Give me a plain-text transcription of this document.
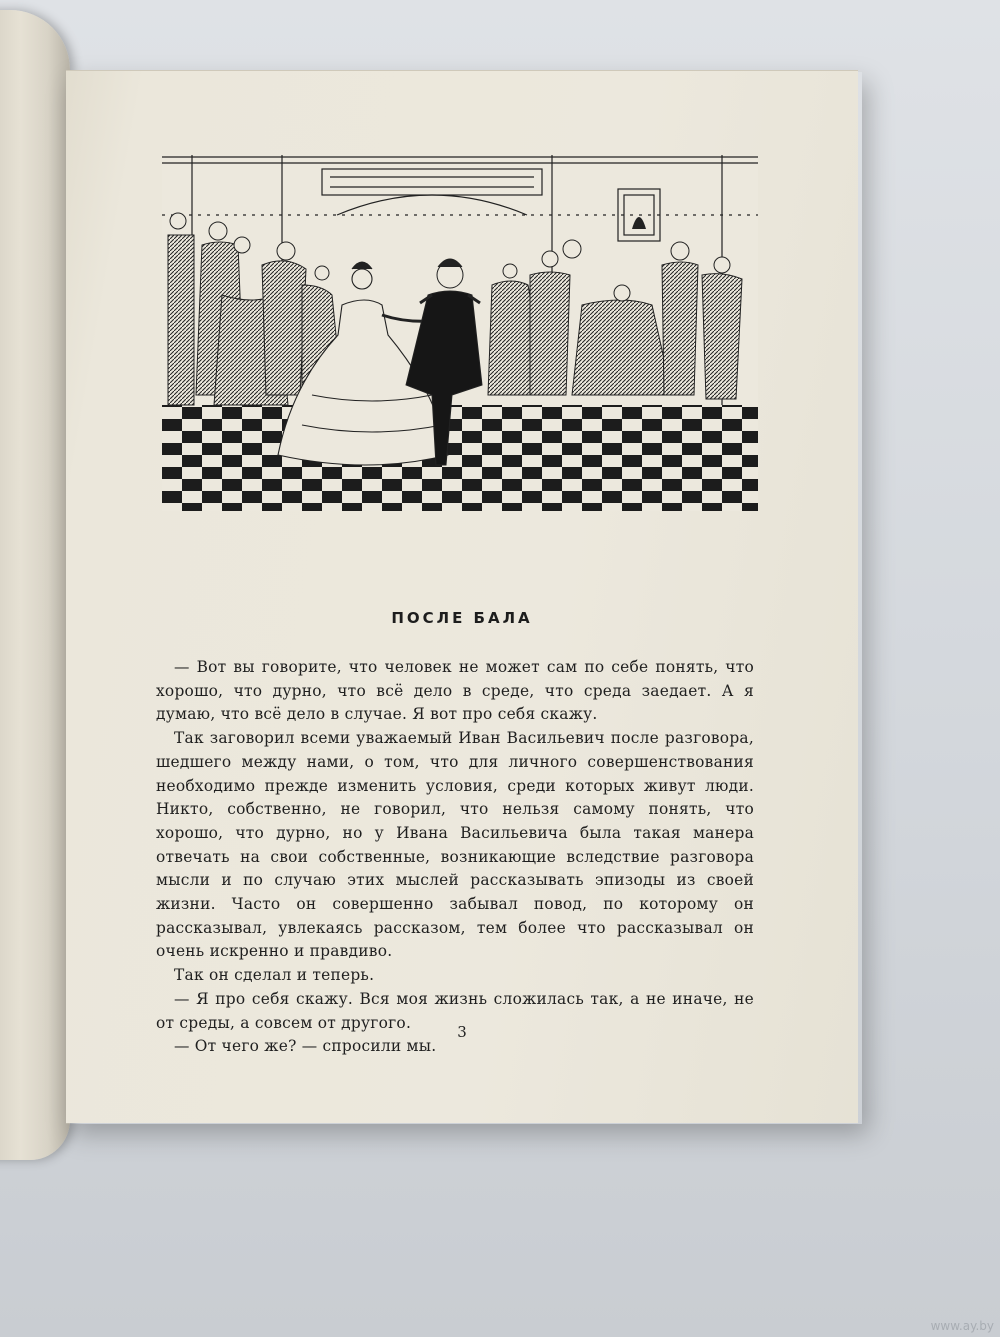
ПОСЛЕ БАЛА

— Вот вы говорите, что человек не может сам по себе понять, что хорошо, что дурно, что всё дело в среде, что среда заедает. А я думаю, что всё дело в случае. Я вот про себя скажу.

Так заговорил всеми уважаемый Иван Васильевич после разговора, шедшего между нами, о том, что для личного совершенствования необходимо прежде изменить условия, среди которых живут люди. Никто, собственно, не говорил, что нельзя самому понять, что хорошо, что дурно, но у Ивана Васильевича была такая манера отвечать на свои собственные, возникающие вследствие разговора мысли и по случаю этих мыслей рассказывать эпизоды из своей жизни. Часто он совершенно забывал повод, по которому он рассказывал, увлекаясь рассказом, тем более что рассказывал он очень искренно и правдиво.

Так он сделал и теперь.

— Я про себя скажу. Вся моя жизнь сложилась так, а не иначе, не от среды, а совсем от другого.

— От чего же? — спросили мы.

3
www.ay.by
